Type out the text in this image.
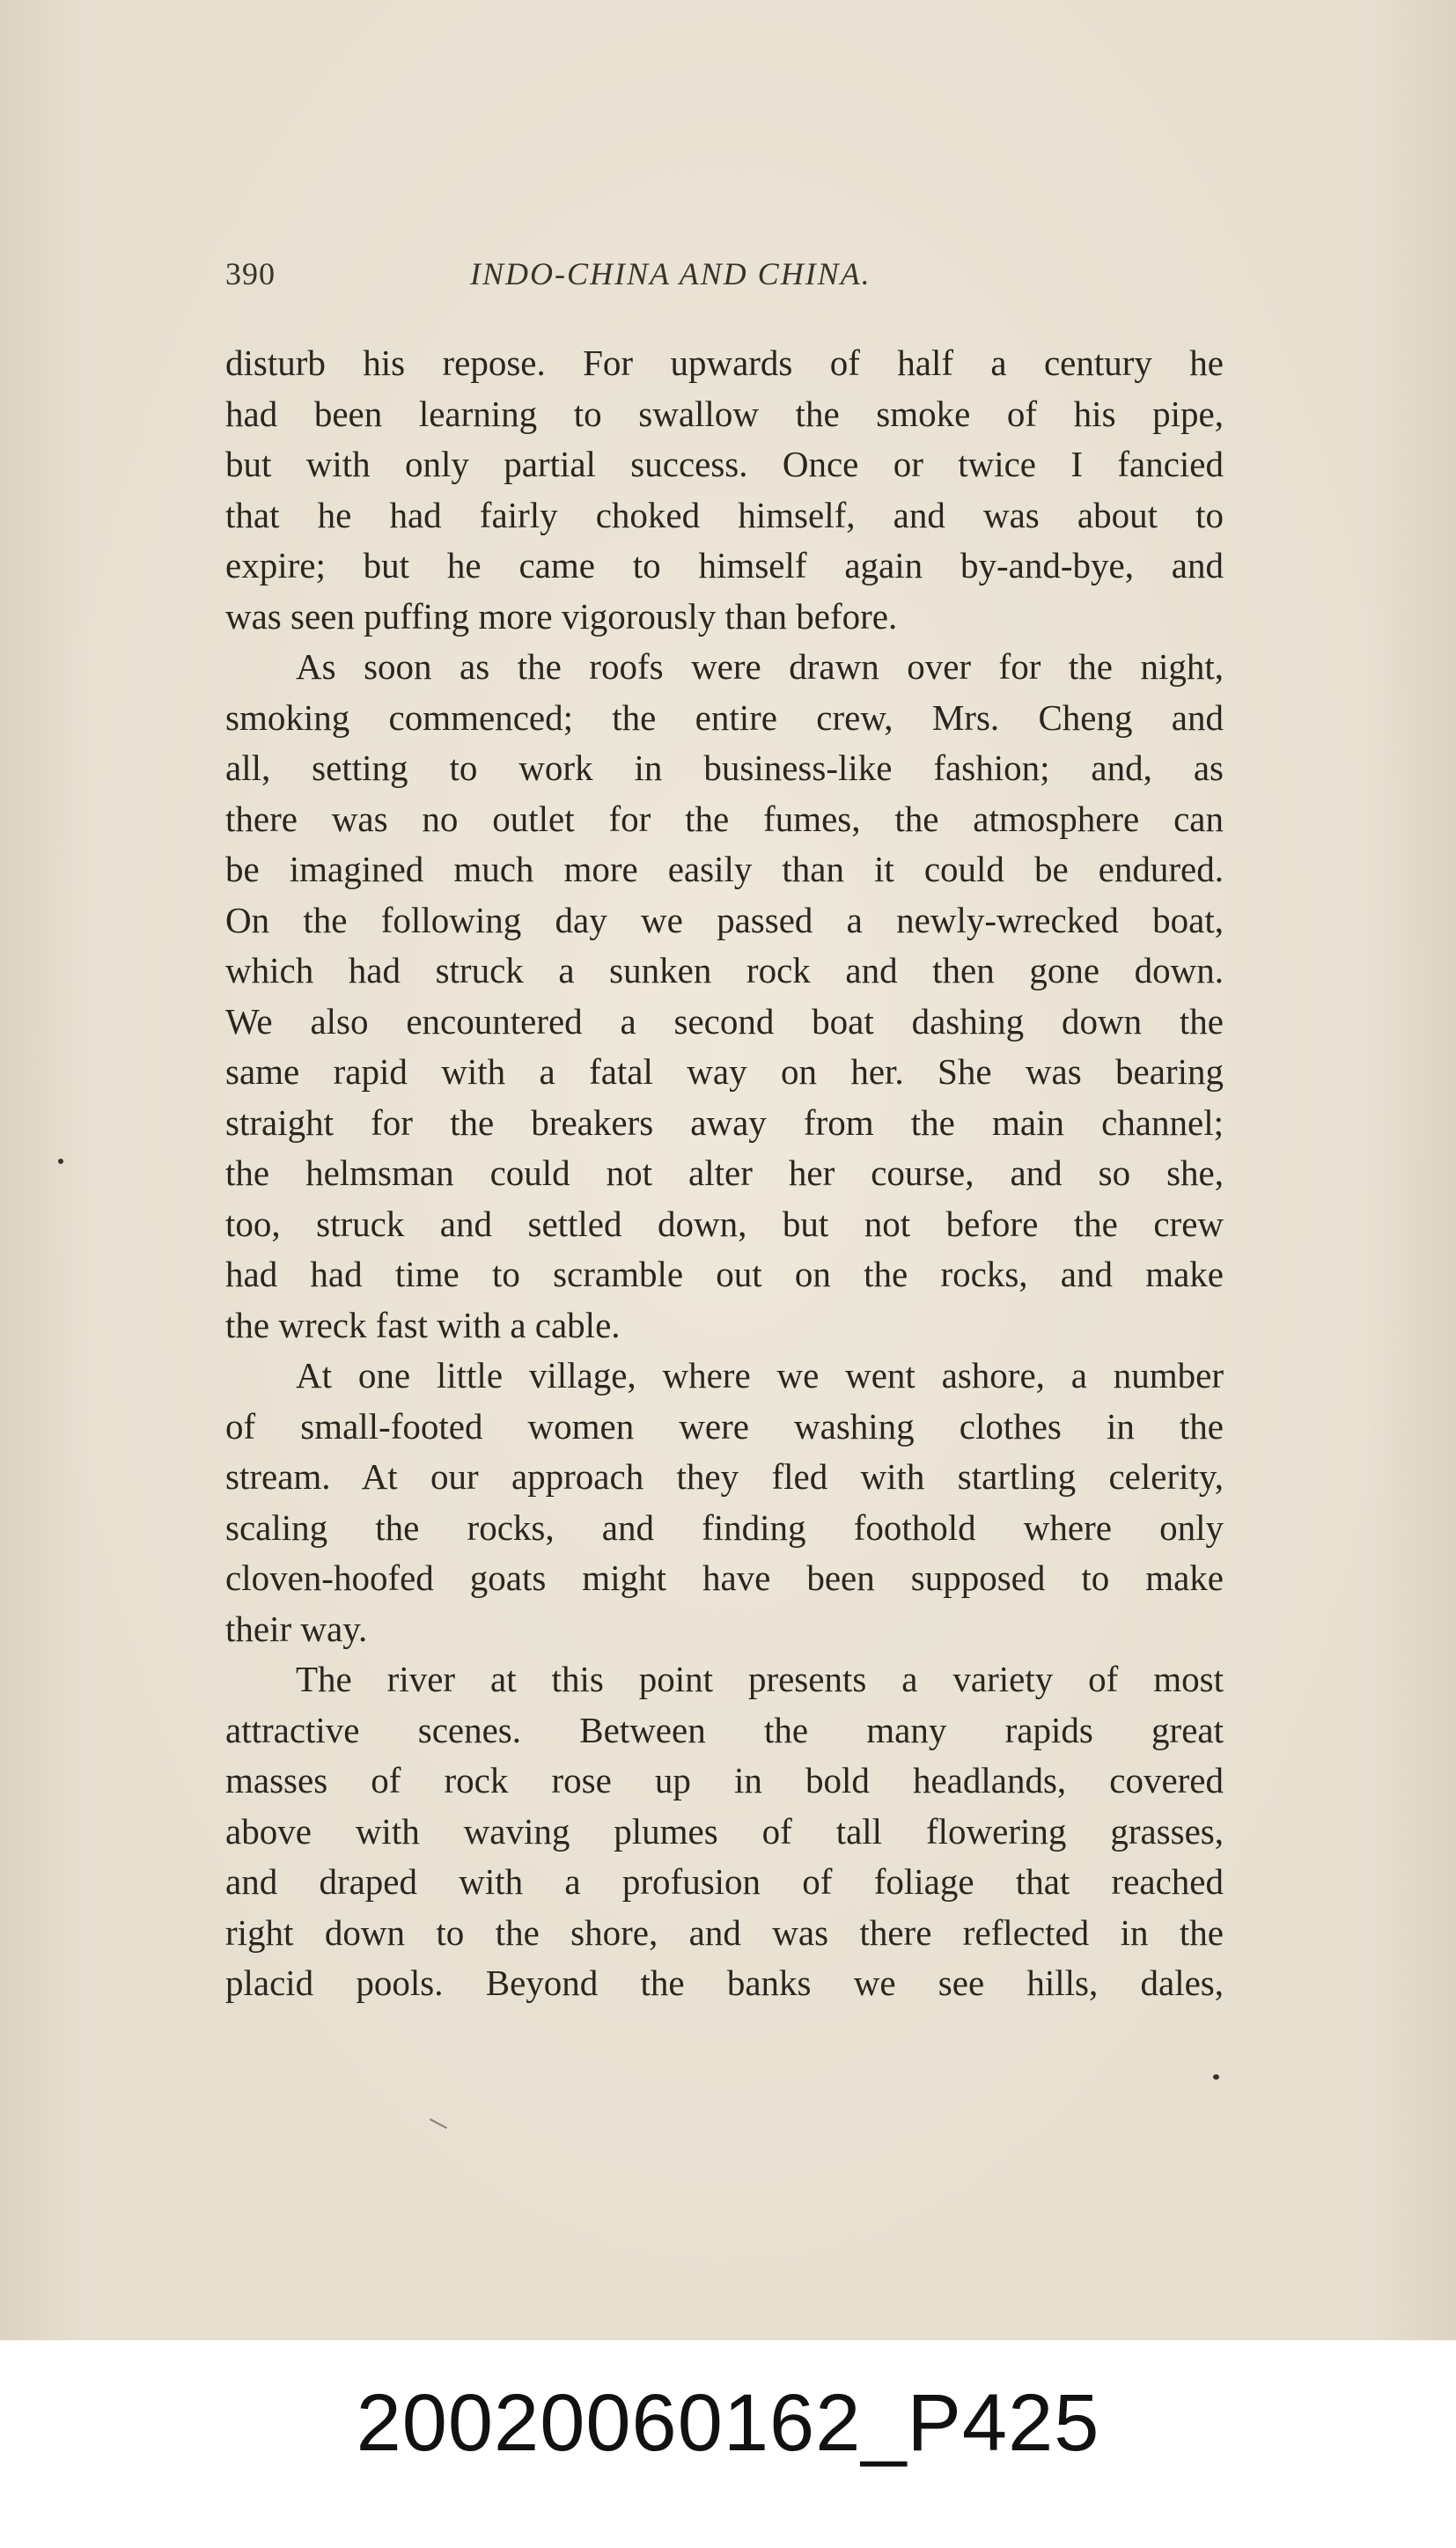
390	INDO-CHINA AND CHINA.
disturb his repose. For upwards of half a century he
had been learning to swallow the smoke of his pipe,
but with only partial success. Once or twice I fancied
that he had fairly choked himself, and was about to
expire; but he came to himself again by-and-bye, and
was seen puffing more vigorously than before.
As soon as the roofs were drawn over for the night,
smoking commenced; the entire crew, Mrs. Cheng and
all, setting to work in business-like fashion; and, as
there was no outlet for the fumes, the atmosphere can
be imagined much more easily than it could be endured.
On the following day we passed a newly-wrecked boat,
which had struck a sunken rock and then gone down.
We also encountered a second boat dashing down the
same rapid with a fatal way on her. She was bearing
straight for the breakers away from the main channel;
the helmsman could not alter her course, and so she,
too, struck and settled down, but not before the crew
had had time to scramble out on the rocks, and make
the wreck fast with a cable.
At one little village, where we went ashore, a number
of small-footed women were washing clothes in the
stream. At our approach they fled with startling celerity,
scaling the rocks, and finding foothold where only
cloven-hoofed goats might have been supposed to make
their way.
The river at this point presents a variety of most
attractive scenes. Between the many rapids great
masses of rock rose up in bold headlands, covered
above with waving plumes of tall flowering grasses,
and draped with a profusion of foliage that reached
right down to the shore, and was there reflected in the
placid pools. Beyond the banks we see hills, dales,
20020060162_P425
